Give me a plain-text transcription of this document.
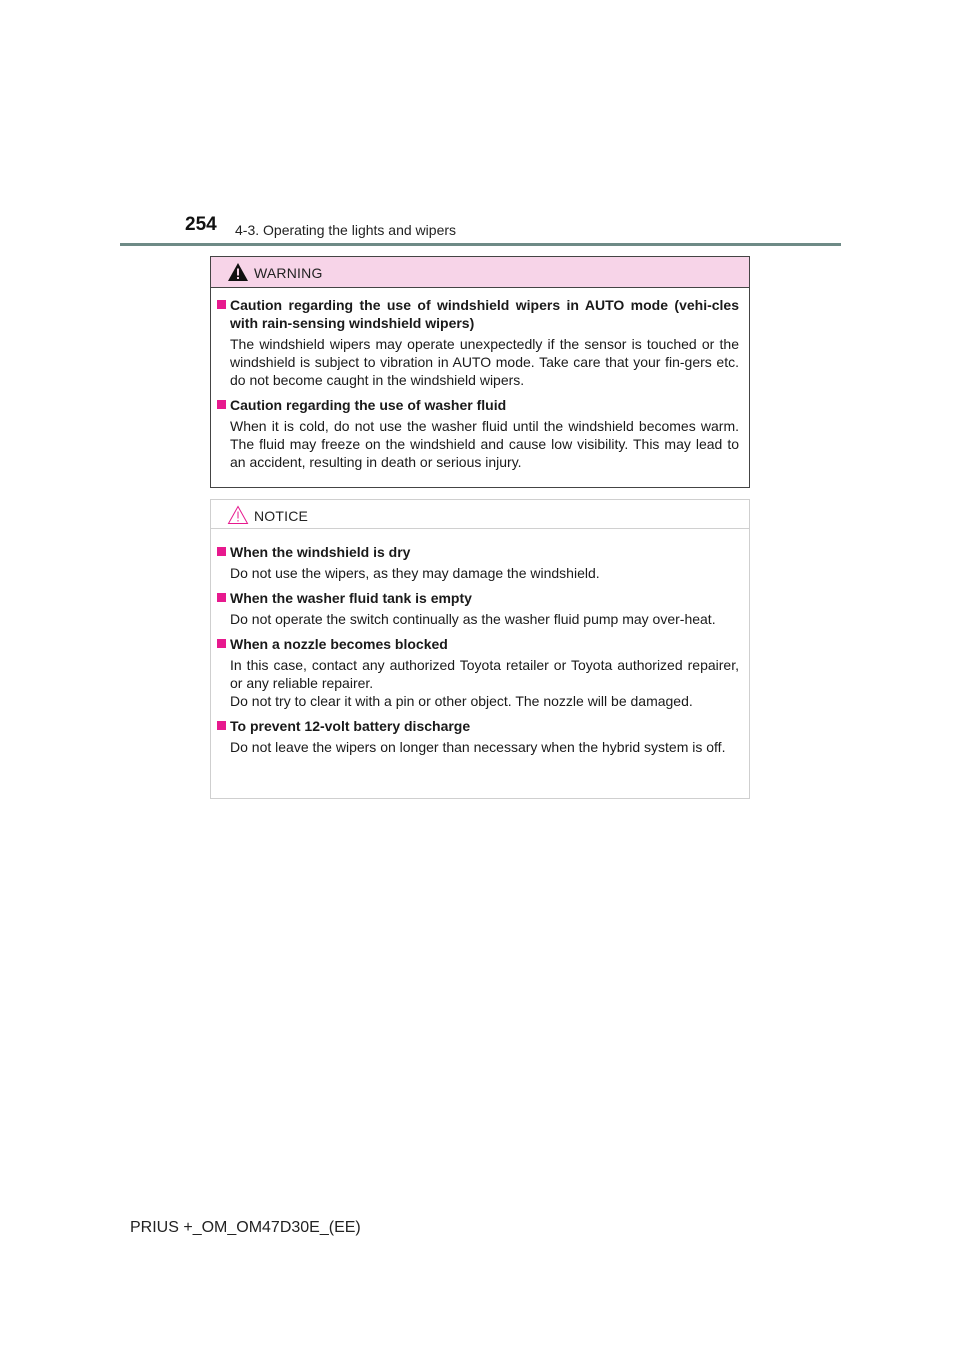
254 4-3. Operating the lights and wipers
WARNING
Caution regarding the use of windshield wipers in AUTO mode (vehi-cles with rain-sensing windshield wipers)
The windshield wipers may operate unexpectedly if the sensor is touched or the windshield is subject to vibration in AUTO mode. Take care that your fin-gers etc. do not become caught in the windshield wipers.
Caution regarding the use of washer fluid
When it is cold, do not use the washer fluid until the windshield becomes warm. The fluid may freeze on the windshield and cause low visibility. This may lead to an accident, resulting in death or serious injury.
NOTICE
When the windshield is dry
Do not use the wipers, as they may damage the windshield.
When the washer fluid tank is empty
Do not operate the switch continually as the washer fluid pump may over-heat.
When a nozzle becomes blocked
In this case, contact any authorized Toyota retailer or Toyota authorized repairer, or any reliable repairer.
Do not try to clear it with a pin or other object. The nozzle will be damaged.
To prevent 12-volt battery discharge
Do not leave the wipers on longer than necessary when the hybrid system is off.
PRIUS +_OM_OM47D30E_(EE)
